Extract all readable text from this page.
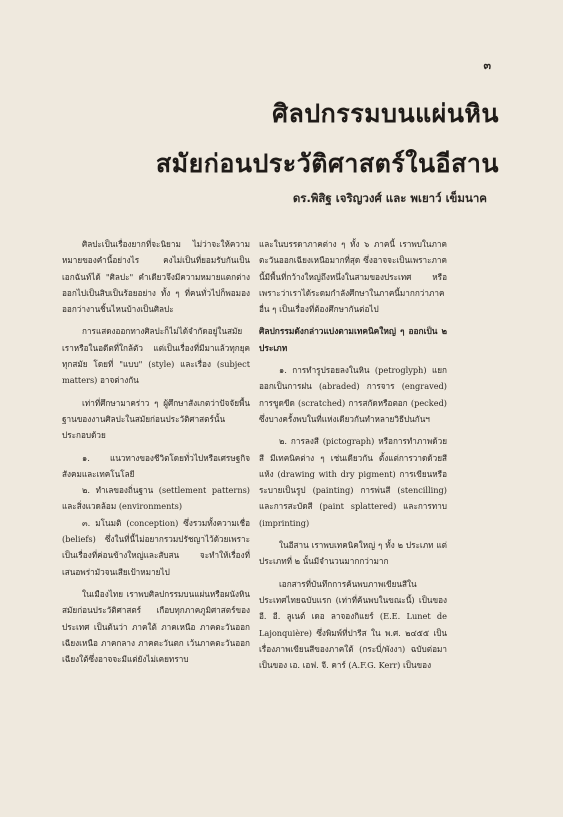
๓
ศิลปกรรมบนแผ่นหิน
สมัยก่อนประวัติศาสตร์ในอีสาน
ดร.พิสิฐ เจริญวงศ์ และ พเยาว์ เข็มนาค

ศิลปะเป็นเรื่องยากที่จะนิยาม ไม่ว่าจะให้ความหมายของคำนี้อย่างไร คงไม่เป็นที่ยอมรับกันเป็นเอกฉันท์ได้ "ศิลปะ" คำเดียวจึงมีความหมายแตกต่างออกไปเป็นสิบเป็นร้อยอย่าง ทั้ง ๆ ที่คนทั่วไปก็พอมองออกว่างานชิ้นไหนบ้างเป็นศิลปะ

การแสดงออกทางศิลปะก็ไม่ได้จำกัดอยู่ในสมัยเราหรือในอดีตที่ใกล้ตัว แต่เป็นเรื่องที่มีมาแล้วทุกยุคทุกสมัย โดยที่ "แบบ" (style) และเรื่อง (subject matters) อาจต่างกัน

เท่าที่ศึกษามาคร่าว ๆ ผู้ศึกษาสังเกตว่าปัจจัยพื้นฐานของงานศิลปะในสมัยก่อนประวัติศาสตร์นั้น ประกอบด้วย

๑. แนวทางของชีวิตโดยทั่วไปหรือเศรษฐกิจสังคมและเทคโนโลยี

๒. ทำเลของถิ่นฐาน (settlement patterns) และสิ่งแวดล้อม (environments)

๓. มโนมติ (conception) ซึ่งรวมทั้งความเชื่อ (beliefs) ซึ่งในที่นี้ไม่อยากรวมปรัชญาไว้ด้วยเพราะเป็นเรื่องที่ค่อนข้างใหญ่และสับสน จะทำให้เรื่องที่เสนอพร่ามัวจนเสียเป้าหมายไป

ในเมืองไทย เราพบศิลปกรรมบนแผ่นหรือผนังหินสมัยก่อนประวัติศาสตร์ เกือบทุกภาคภูมิศาสตร์ของประเทศ เป็นต้นว่า ภาคใต้ ภาคเหนือ ภาคตะวันออกเฉียงเหนือ ภาคกลาง ภาคตะวันตก เว้นภาคตะวันออกเฉียงใต้ซึ่งอาจจะมีแต่ยังไม่เคยทราบ

และในบรรดาภาคต่าง ๆ ทั้ง ๖ ภาคนี้ เราพบในภาคตะวันออกเฉียงเหนือมากที่สุด ซึ่งอาจจะเป็นเพราะภาคนี้มีพื้นที่กว้างใหญ่ถึงหนึ่งในสามของประเทศ หรือเพราะว่าเราได้ระดมกำลังศึกษาในภาคนี้มากกว่าภาคอื่น ๆ เป็นเรื่องที่ต้องศึกษากันต่อไป

ศิลปกรรมดังกล่าวแบ่งตามเทคนิคใหญ่ ๆ ออกเป็น ๒ ประเภท

๑. การทำรูปรอยลงในหิน (petroglyph) แยกออกเป็นการฝน (abraded) การจาร (engraved) การขูดขีด (scratched) การสกัดหรือตอก (pecked) ซึ่งบางครั้งพบในที่แห่งเดียวกันทำหลายวิธีปนกันฯ

๒. การลงสี (pictograph) หรือการทำภาพด้วยสี มีเทคนิคต่าง ๆ เช่นเดียวกัน ตั้งแต่การวาดด้วยสีแห้ง (drawing with dry pigment) การเขียนหรือระบายเป็นรูป (painting) การพ่นสี (stencilling) และการสะบัดสี (paint splattered) และการทาบ (imprinting)

ในอีสาน เราพบเทคนิคใหญ่ ๆ ทั้ง ๒ ประเภท แต่ประเภทที่ ๒ นั้นมีจำนวนมากกว่ามาก

เอกสารที่บันทึกการค้นพบภาพเขียนสีในประเทศไทยฉบับแรก (เท่าที่ค้นพบในขณะนี้) เป็นของ อี. อี. ลูเนต์ เดอ ลาจองกิแยร์ (E.E. Lunet de Lajonquière) ซึ่งพิมพ์ที่ปารีส ใน พ.ศ. ๒๔๕๕ เป็นเรื่องภาพเขียนสีของภาคใต้ (กระบี่/พังงา) ฉบับต่อมาเป็นของ เอ. เอฟ. จี. คาร์ (A.F.G. Kerr) เป็นของ
